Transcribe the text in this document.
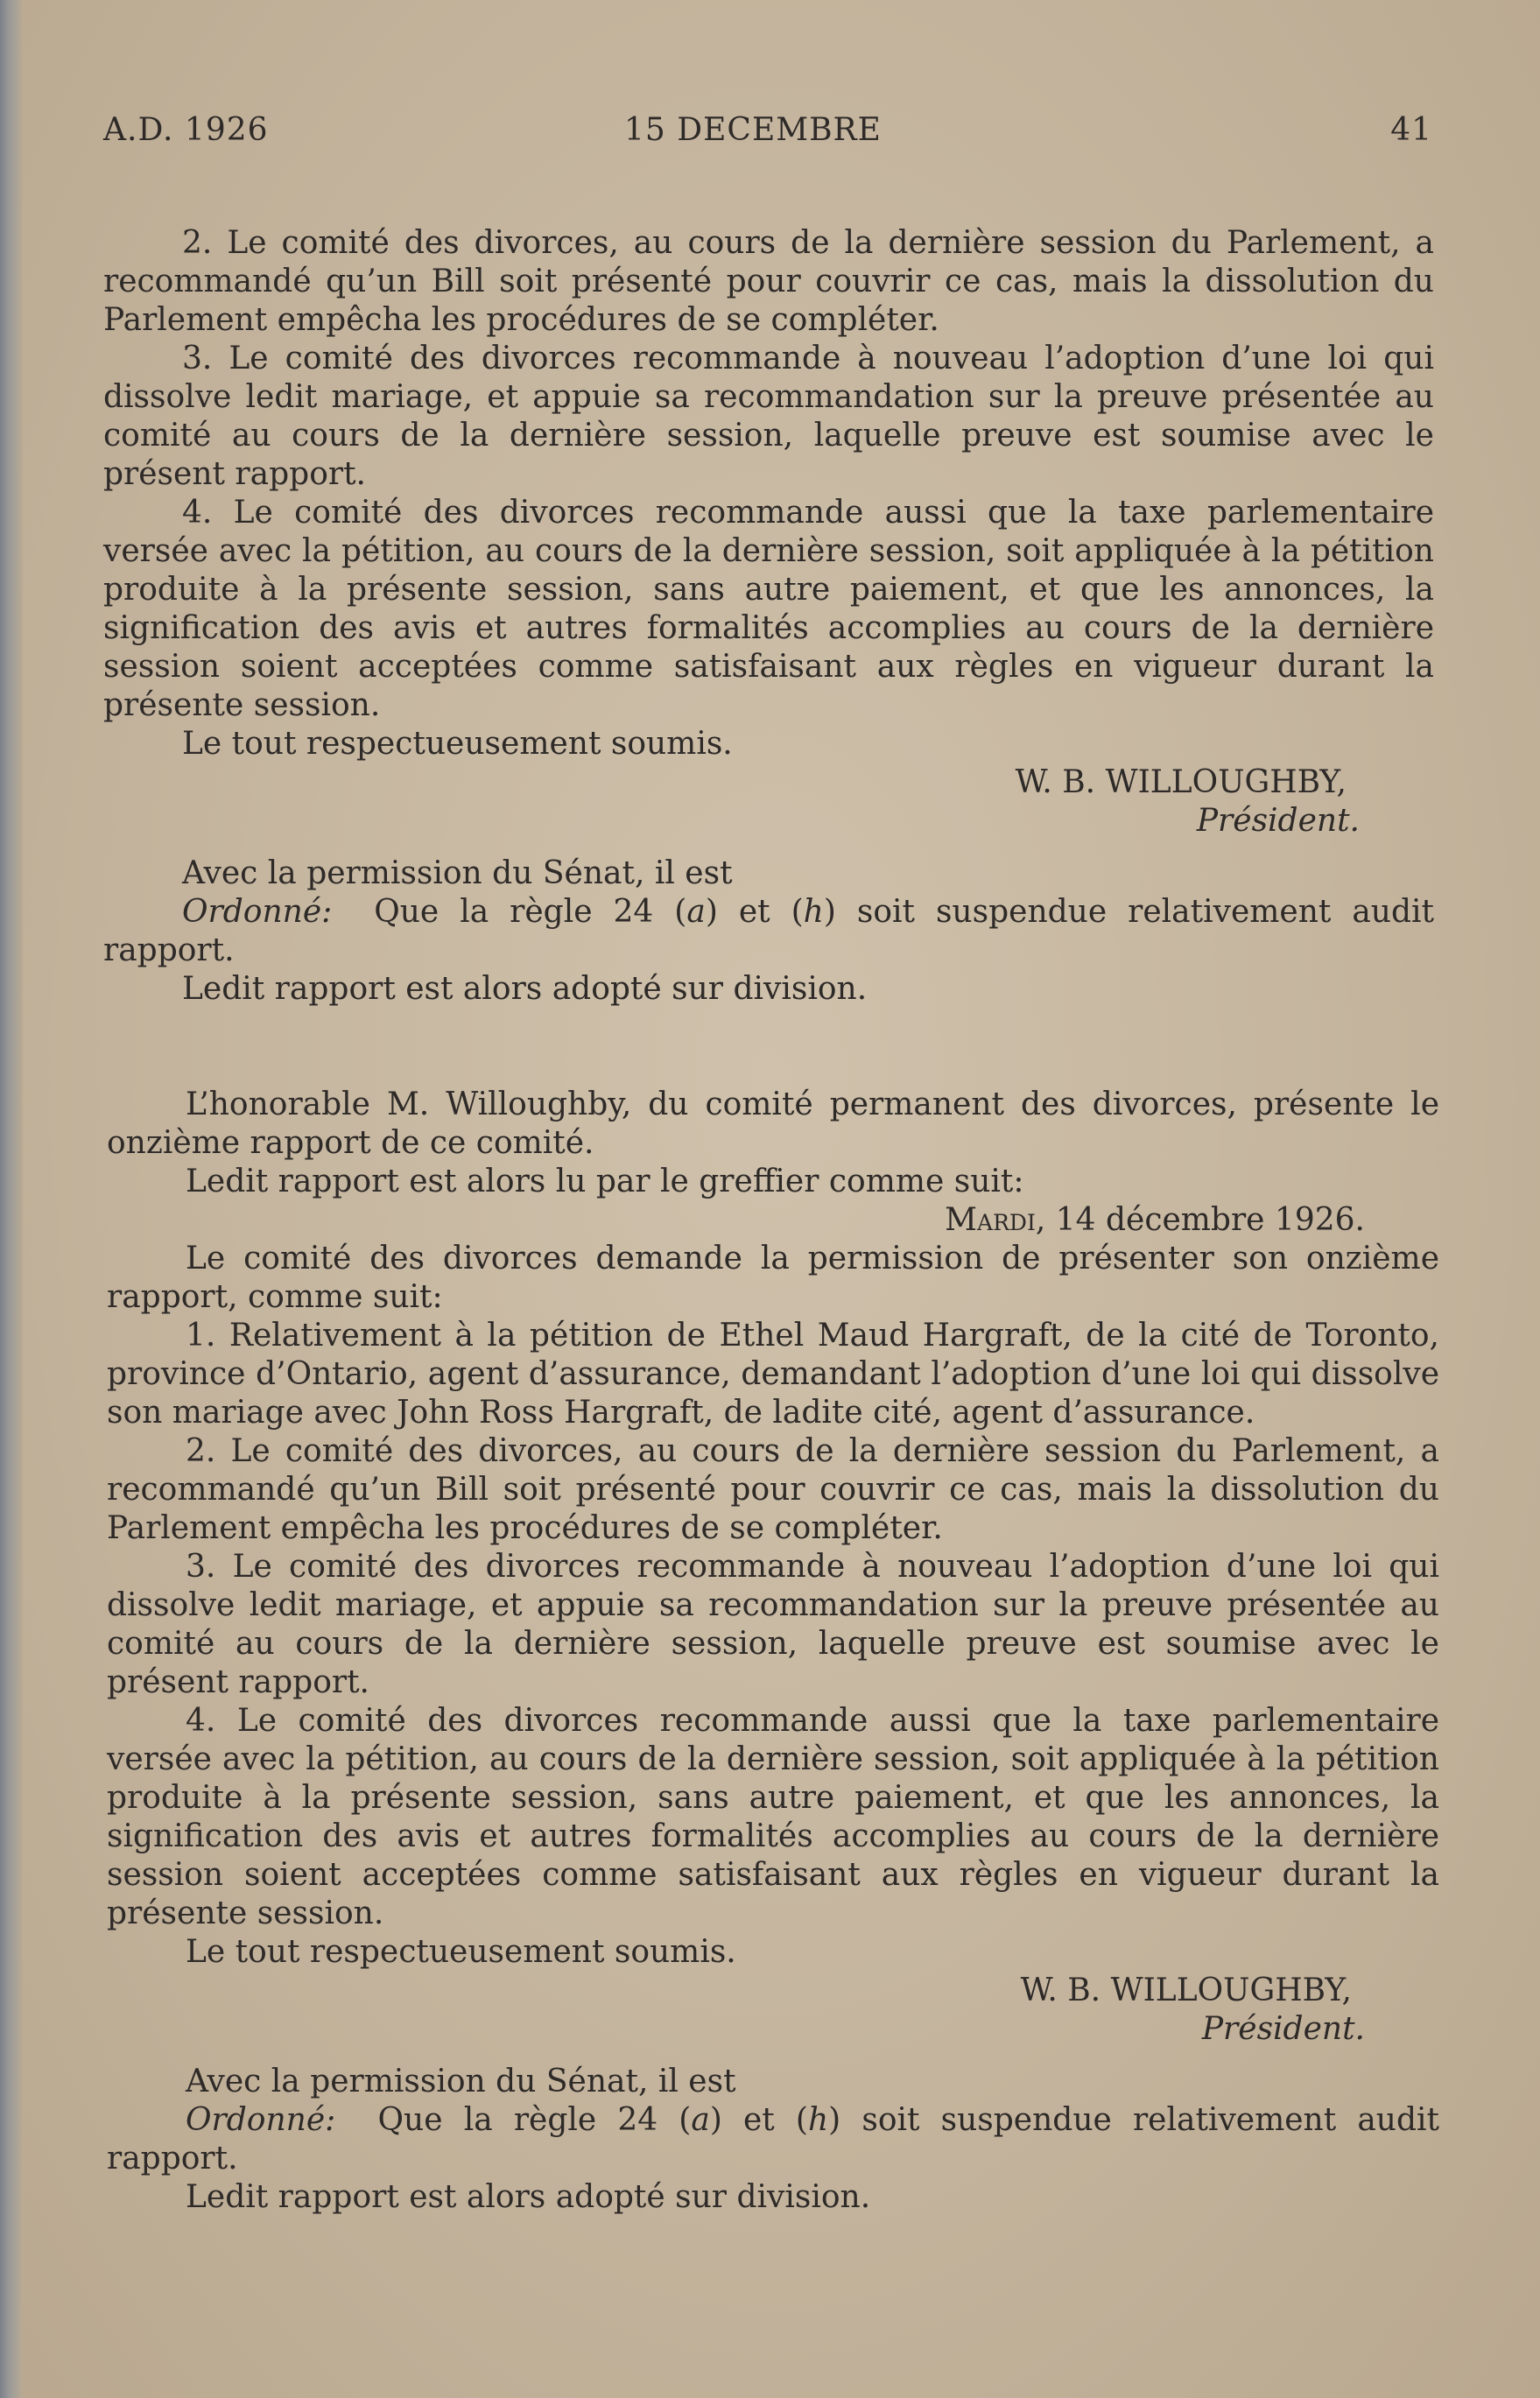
A.D. 1926	15 DECEMBRE	41

2. Le comité des divorces, au cours de la dernière session du Parlement, a recommandé qu’un Bill soit présenté pour couvrir ce cas, mais la dissolution du Parlement empêcha les procédures de se compléter.

3. Le comité des divorces recommande à nouveau l’adoption d’une loi qui dissolve ledit mariage, et appuie sa recommandation sur la preuve présentée au comité au cours de la dernière session, laquelle preuve est soumise avec le présent rapport.

4. Le comité des divorces recommande aussi que la taxe parlementaire versée avec la pétition, au cours de la dernière session, soit appliquée à la pétition produite à la présente session, sans autre paiement, et que les annonces, la signification des avis et autres formalités accomplies au cours de la dernière session soient acceptées comme satisfaisant aux règles en vigueur durant la présente session.

Le tout respectueusement soumis.

W. B. WILLOUGHBY,

Président.

Avec la permission du Sénat, il est

Ordonné: Que la règle 24 (a) et (h) soit suspendue relativement audit rapport.

Ledit rapport est alors adopté sur division.

L’honorable M. Willoughby, du comité permanent des divorces, présente le onzième rapport de ce comité.

Ledit rapport est alors lu par le greffier comme suit:

Mardi, 14 décembre 1926.

Le comité des divorces demande la permission de présenter son onzième rapport, comme suit:

1. Relativement à la pétition de Ethel Maud Hargraft, de la cité de Toronto, province d’Ontario, agent d’assurance, demandant l’adoption d’une loi qui dissolve son mariage avec John Ross Hargraft, de ladite cité, agent d’assurance.

2. Le comité des divorces, au cours de la dernière session du Parlement, a recommandé qu’un Bill soit présenté pour couvrir ce cas, mais la dissolution du Parlement empêcha les procédures de se compléter.

3. Le comité des divorces recommande à nouveau l’adoption d’une loi qui dissolve ledit mariage, et appuie sa recommandation sur la preuve présentée au comité au cours de la dernière session, laquelle preuve est soumise avec le présent rapport.

4. Le comité des divorces recommande aussi que la taxe parlementaire versée avec la pétition, au cours de la dernière session, soit appliquée à la pétition produite à la présente session, sans autre paiement, et que les annonces, la signification des avis et autres formalités accomplies au cours de la dernière session soient acceptées comme satisfaisant aux règles en vigueur durant la présente session.

Le tout respectueusement soumis.

W. B. WILLOUGHBY,

Président.

Avec la permission du Sénat, il est

Ordonné: Que la règle 24 (a) et (h) soit suspendue relativement audit rapport.

Ledit rapport est alors adopté sur division.
